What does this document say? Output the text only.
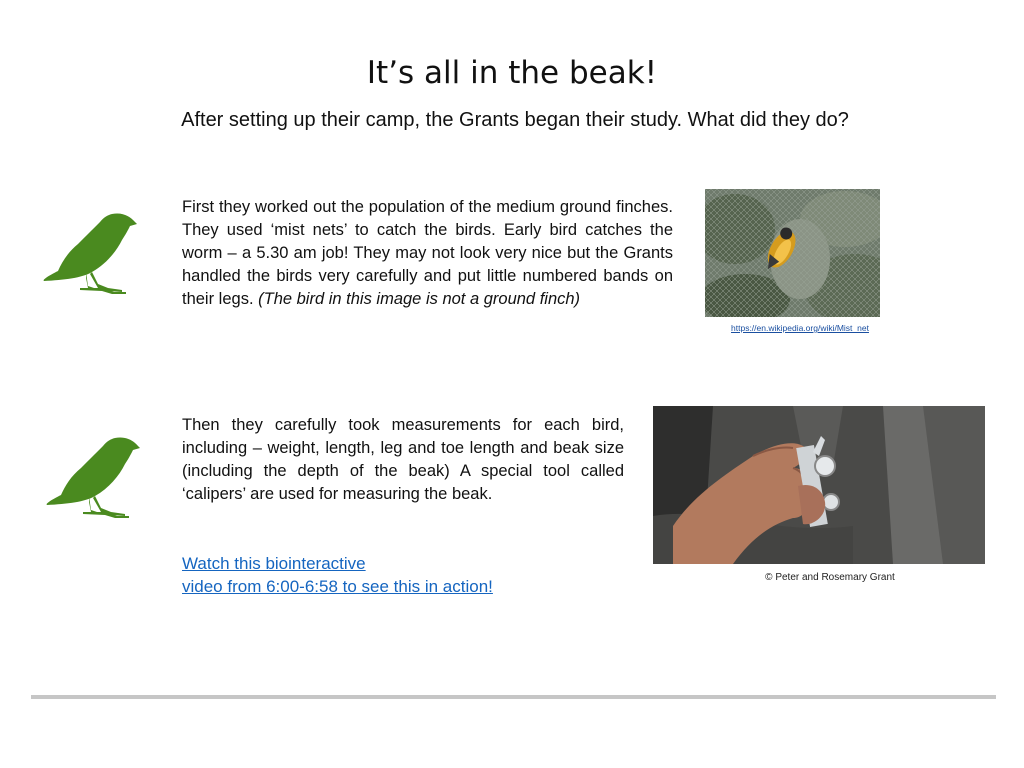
It’s all in the beak!
After setting up their camp, the Grants began their study. What did they do?
First they worked out the population of the medium ground finches. They used ‘mist nets’ to catch the birds. Early bird catches the worm – a 5.30 am job! They may not look very nice but the Grants handled the birds very carefully and put little numbered bands on their legs. (The bird in this image is not a ground finch)
https://en.wikipedia.org/wiki/Mist_net
Then they carefully took measurements for each bird, including – weight, length, leg and toe length and beak size (including the depth of the beak) A special tool called ‘calipers’ are used for measuring the beak.
© Peter and Rosemary Grant
Watch this biointeractive
video from 6:00-6:58 to see this in action!
